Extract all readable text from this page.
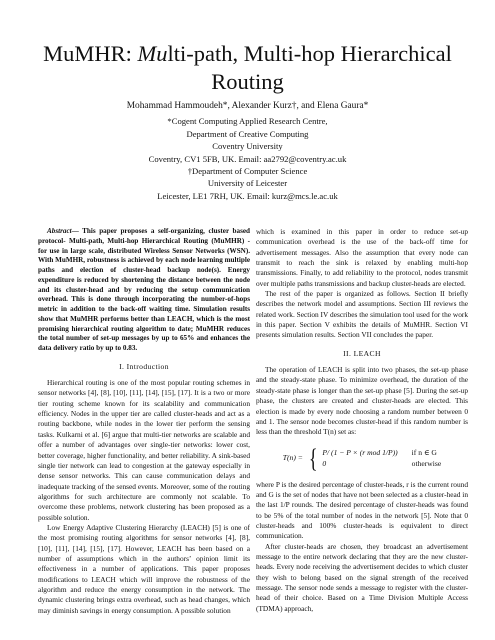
MuMHR: Multi-path, Multi-hop Hierarchical
Routing
Mohammad Hammoudeh*, Alexander Kurz†, and Elena Gaura*
*Cogent Computing Applied Research Centre,
Department of Creative Computing
Coventry University
Coventry, CV1 5FB, UK. Email: aa2792@coventry.ac.uk
†Department of Computer Science
University of Leicester
Leicester, LE1 7RH, UK. Email: kurz@mcs.le.ac.uk

Abstract— This paper proposes a self-organizing, cluster based protocol- Multi-path, Multi-hop Hierarchical Routing (MuMHR) - for use in large scale, distributed Wireless Sensor Networks (WSN). With MuMHR, robustness is achieved by each node learning multiple paths and election of cluster-head backup node(s). Energy expenditure is reduced by shortening the distance between the node and its cluster-head and by reducing the setup communication overhead. This is done through incorporating the number-of-hops metric in addition to the back-off waiting time. Simulation results show that MuMHR performs better than LEACH, which is the most promising hierarchical routing algorithm to date; MuMHR reduces the total number of set-up messages by up to 65% and enhances the data delivery ratio by up to 0.83.

I. Introduction

Hierarchical routing is one of the most popular routing schemes in sensor networks [4], [8], [10], [11], [14], [15], [17]. It is a two or more tier routing scheme known for its scalability and communication efficiency. Nodes in the upper tier are called cluster-heads and act as a routing backbone, while nodes in the lower tier perform the sensing tasks. Kulkarni et al. [6] argue that multi-tier networks are scalable and offer a number of advantages over single-tier networks: lower cost, better coverage, higher functionality, and better reliability. A sink-based single tier network can lead to congestion at the gateway especially in dense sensor networks. This can cause communication delays and inadequate tracking of the sensed events. Moreover, some of the routing algorithms for such architecture are commonly not scalable. To overcome these problems, network clustering has been proposed as a possible solution.

Low Energy Adaptive Clustering Hierarchy (LEACH) [5] is one of the most promising routing algorithms for sensor networks [4], [8], [10], [11], [14], [15], [17]. However, LEACH has been based on a number of assumptions which in the authors’ opinion limit its effectiveness in a number of applications. This paper proposes modifications to LEACH which will improve the robustness of the algorithm and reduce the energy consumption in the network. The dynamic clustering brings extra overhead, such as head changes, which may diminish savings in energy consumption. A possible solution

which is examined in this paper in order to reduce set-up communication overhead is the use of the back-off time for advertisement messages. Also the assumption that every node can transmit to reach the sink is relaxed by enabling multi-hop transmissions. Finally, to add reliability to the protocol, nodes transmit over multiple paths transmissions and backup cluster-heads are elected.

The rest of the paper is organized as follows. Section II briefly describes the network model and assumptions. Section III reviews the related work. Section IV describes the simulation tool used for the work in this paper. Section V exhibits the details of MuMHR. Section VI presents simulation results. Section VII concludes the paper.

II. LEACH

The operation of LEACH is split into two phases, the set-up phase and the steady-state phase. To minimize overhead, the duration of the steady-state phase is longer than the set-up phase [5]. During the set-up phase, the clusters are created and cluster-heads are elected. This election is made by every node choosing a random number between 0 and 1. The sensor node becomes cluster-head if this random number is less than the threshold T(n) set as:

T(n) = { P/ (1 − P × (r mod 1/P)) if n ∈ G
0	otherwise

where P is the desired percentage of cluster-heads, r is the current round and G is the set of nodes that have not been selected as a cluster-head in the last 1/P rounds. The desired percentage of cluster-heads was found to be 5% of the total number of nodes in the network [5]. Note that 0 cluster-heads and 100% cluster-heads is equivalent to direct communication.

After cluster-heads are chosen, they broadcast an advertisement message to the entire network declaring that they are the new cluster-heads. Every node receiving the advertisement decides to which cluster they wish to belong based on the signal strength of the received message. The sensor node sends a message to register with the cluster-head of their choice. Based on a Time Division Multiple Access (TDMA) approach,
